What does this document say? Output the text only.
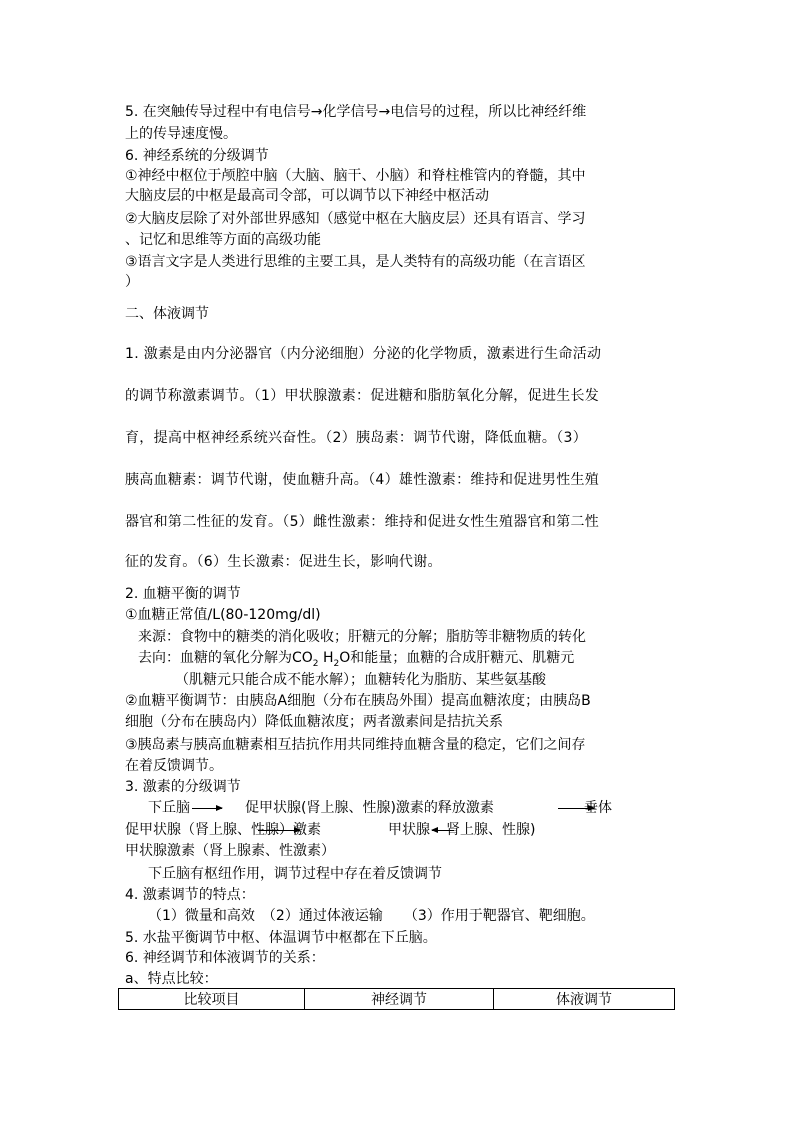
5. 在突触传导过程中有电信号→化学信号→电信号的过程，所以比神经纤维
上的传导速度慢。
6. 神经系统的分级调节
①神经中枢位于颅腔中脑（大脑、脑干、小脑）和脊柱椎管内的脊髓，其中
大脑皮层的中枢是最高司令部，可以调节以下神经中枢活动
②大脑皮层除了对外部世界感知（感觉中枢在大脑皮层）还具有语言、学习
、记忆和思维等方面的高级功能
③语言文字是人类进行思维的主要工具，是人类特有的高级功能（在言语区
）
二、体液调节
1. 激素是由内分泌器官（内分泌细胞）分泌的化学物质，激素进行生命活动
的调节称激素调节。（1）甲状腺激素：促进糖和脂肪氧化分解，促进生长发
育，提高中枢神经系统兴奋性。（2）胰岛素：调节代谢，降低血糖。（3）
胰高血糖素：调节代谢，使血糖升高。（4）雄性激素：维持和促进男性生殖
器官和第二性征的发育。（5）雌性激素：维持和促进女性生殖器官和第二性
征的发育。（6）生长激素：促进生长，影响代谢。
2. 血糖平衡的调节
①血糖正常值/L(80-120mg/dl)
来源：食物中的糖类的消化吸收；肝糖元的分解；脂肪等非糖物质的转化
去向：血糖的氧化分解为$CO_2$ $H_2O$和能量；血糖的合成肝糖元、肌糖元
（肌糖元只能合成不能水解）；血糖转化为脂肪、某些氨基酸
②血糖平衡调节：由胰岛A细胞（分布在胰岛外围）提高血糖浓度；由胰岛B
细胞（分布在胰岛内）降低血糖浓度；两者激素间是拮抗关系
③胰岛素与胰高血糖素相互拮抗作用共同维持血糖含量的稳定，它们之间存
在着反馈调节。
3. 激素的分级调节
下丘脑	促甲状腺(肾上腺、性腺)激素的释放激素	垂体
促甲状腺（肾上腺、性腺）激素	甲状腺 肾上腺、性腺)
甲状腺激素（肾上腺素、性激素）
下丘脑有枢纽作用，调节过程中存在着反馈调节
4. 激素调节的特点：
（1）微量和高效　（2）通过体液运输　　（3）作用于靶器官、靶细胞。
5. 水盐平衡调节中枢、体温调节中枢都在下丘脑。
6. 神经调节和体液调节的关系：
a、特点比较：
比较项目	神经调节	体液调节
